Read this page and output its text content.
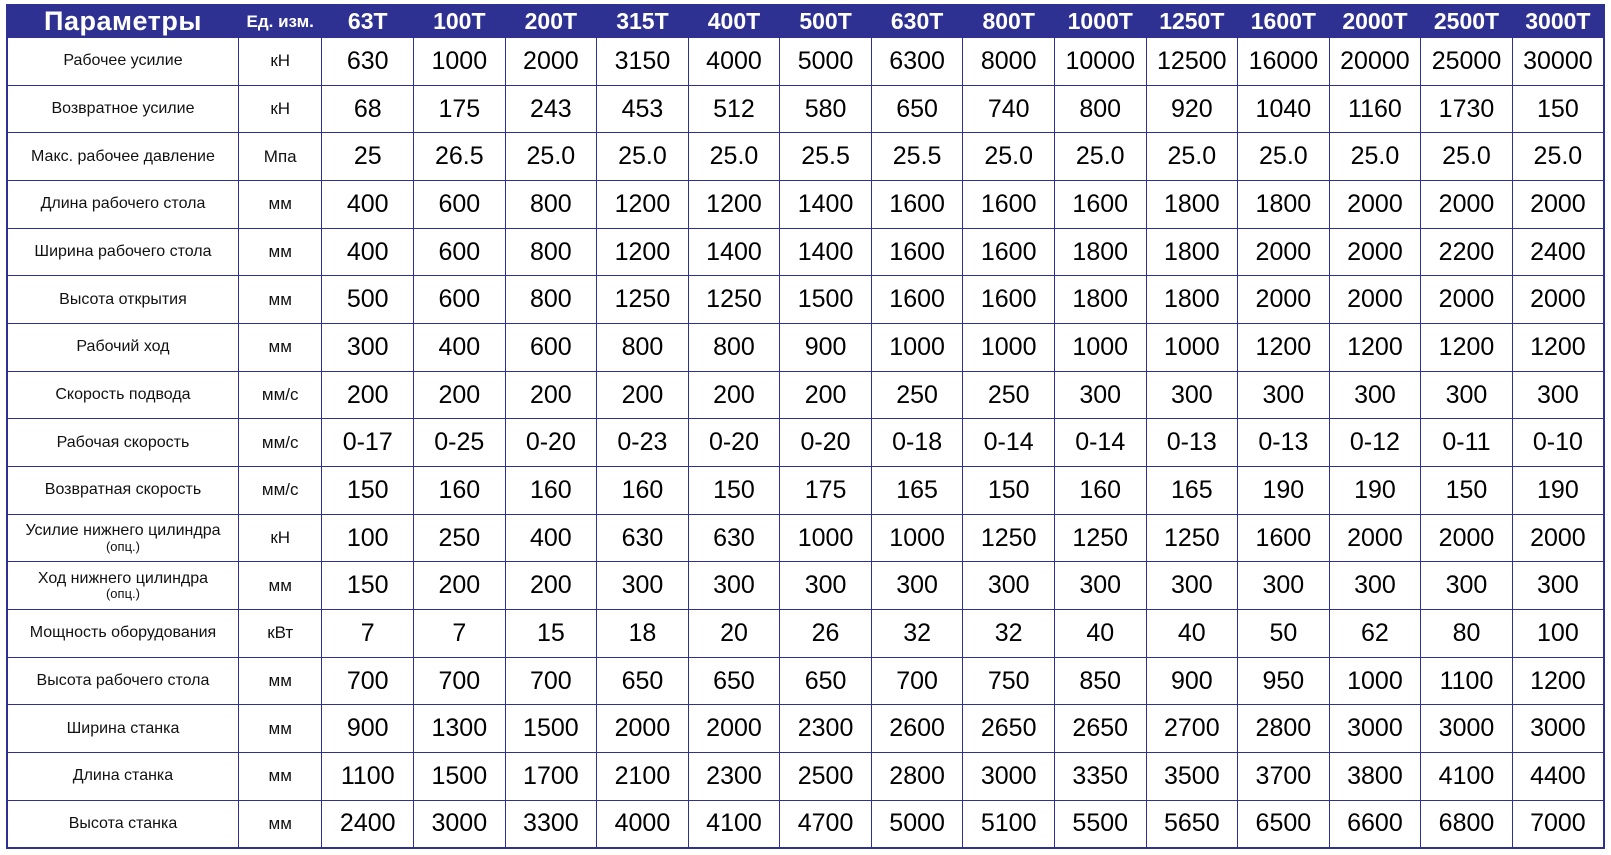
Параметры	Ед. изм.	63T	100T	200T	315T	400T	500T	630T	800T	1000T	1250T	1600T	2000T	2500T	3000T
Рабочее усилие	кН	630	1000	2000	3150	4000	5000	6300	8000	10000	12500	16000	20000	25000	30000
Возвратное усилие	кН	68	175	243	453	512	580	650	740	800	920	1040	1160	1730	150
Макс. рабочее давление	Мпа	25	26.5	25.0	25.0	25.0	25.5	25.5	25.0	25.0	25.0	25.0	25.0	25.0	25.0
Длина рабочего стола	мм	400	600	800	1200	1200	1400	1600	1600	1600	1800	1800	2000	2000	2000
Ширина рабочего стола	мм	400	600	800	1200	1400	1400	1600	1600	1800	1800	2000	2000	2200	2400
Высота открытия	мм	500	600	800	1250	1250	1500	1600	1600	1800	1800	2000	2000	2000	2000
Рабочий ход	мм	300	400	600	800	800	900	1000	1000	1000	1000	1200	1200	1200	1200
Скорость подвода	мм/с	200	200	200	200	200	200	250	250	300	300	300	300	300	300
Рабочая скорость	мм/с	0-17	0-25	0-20	0-23	0-20	0-20	0-18	0-14	0-14	0-13	0-13	0-12	0-11	0-10
Возвратная скорость	мм/с	150	160	160	160	150	175	165	150	160	165	190	190	150	190
Усилие нижнего цилиндра
(опц.)	кН	100	250	400	630	630	1000	1000	1250	1250	1250	1600	2000	2000	2000
Ход нижнего цилиндра
(опц.)	мм	150	200	200	300	300	300	300	300	300	300	300	300	300	300
Мощность оборудования	кВт	7	7	15	18	20	26	32	32	40	40	50	62	80	100
Высота рабочего стола	мм	700	700	700	650	650	650	700	750	850	900	950	1000	1100	1200
Ширина станка	мм	900	1300	1500	2000	2000	2300	2600	2650	2650	2700	2800	3000	3000	3000
Длина станка	мм	1100	1500	1700	2100	2300	2500	2800	3000	3350	3500	3700	3800	4100	4400
Высота станка	мм	2400	3000	3300	4000	4100	4700	5000	5100	5500	5650	6500	6600	6800	7000
